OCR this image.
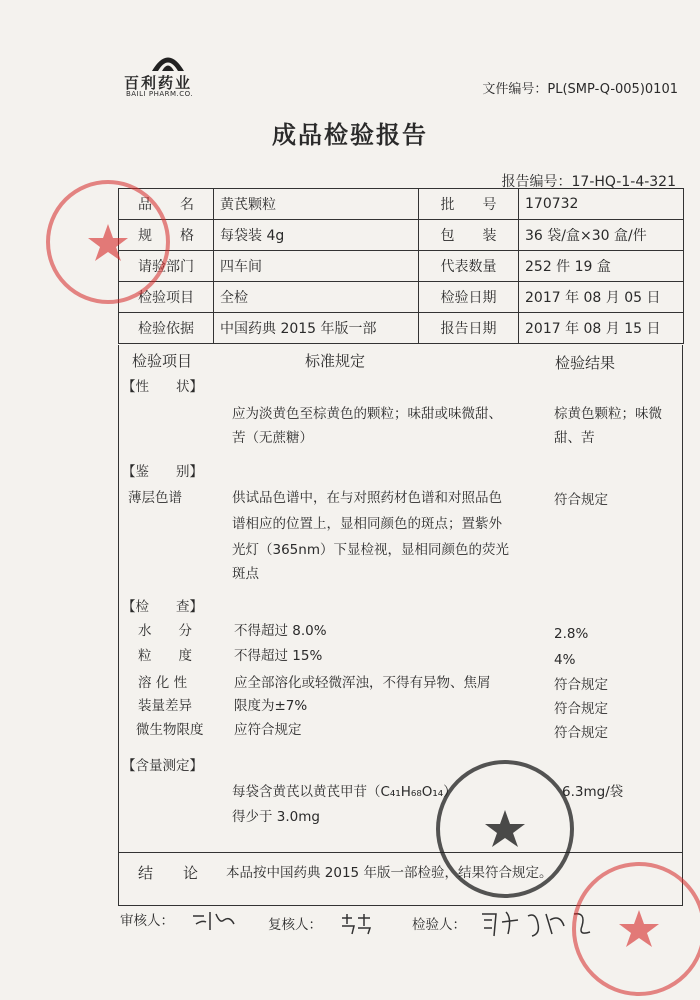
百利药业
BAILI PHARM.CO.	文件编号：PL(SMP-Q-005)0101
成品检验报告
报告编号：17-HQ-1-4-321
品　　名	黄芪颗粒	批　　号	170732
规　　格	每袋装 4g	包　　装	36 袋/盒×30 盒/件
请验部门	四车间	代表数量	252 件 19 盒
检验项目	全检	检验日期	2017 年 08 月 05 日
检验依据	中国药典 2015 年版一部	报告日期	2017 年 08 月 15 日
检验项目	标准规定	检验结果
【性　　状】
应为淡黄色至棕黄色的颗粒；味甜或味微甜、
苦（无蔗糖）
棕黄色颗粒；味微
甜、苦
【鉴　　别】
薄层色谱	供试品色谱中，在与对照药材色谱和对照品色
谱相应的位置上，显相同颜色的斑点；置紫外
光灯（365nm）下显检视，显相同颜色的荧光
斑点
符合规定
【检　　查】
水　　分	不得超过 8.0%	2.8%
粒　　度	不得超过 15%	4%
溶 化 性	应全部溶化或轻微浑浊，不得有异物、焦屑	符合规定
装量差异	限度为±7%	符合规定
微生物限度 应符合规定	符合规定
【含量测定】
每袋含黄芪以黄芪甲苷（C₄₁H₆₈O₁₄）
得少于 3.0mg
6.3mg/袋
结　　论 本品按中国药典 2015 年版一部检验，结果符合规定。
审核人：	复核人：	检验人：
